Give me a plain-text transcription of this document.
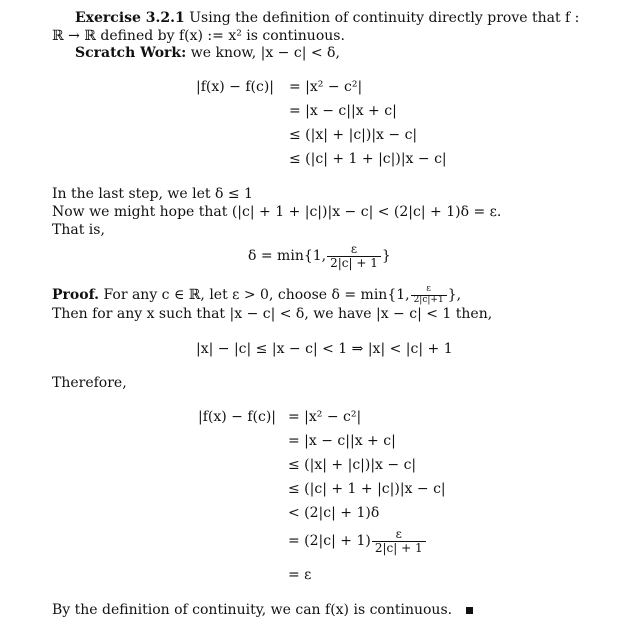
Exercise 3.2.1 Using the definition of continuity directly prove that f :
ℝ → ℝ defined by f(x) := x² is continuous.
Scratch Work: we know, |x − c| < δ,
|f(x) − f(c)| = |x² − c²|
= |x − c||x + c|
≤ (|x| + |c|)|x − c|
≤ (|c| + 1 + |c|)|x − c|
In the last step, we let δ ≤ 1
Now we might hope that (|c| + 1 + |c|)|x − c| < (2|c| + 1)δ = ε.
That is,
δ = min{1, $\frac{\varepsilon}{2|c| + 1}$ }
Proof. For any c ∈ ℝ, let ε > 0, choose δ = min{1, $\frac{\varepsilon}{2|c|+1}$ },
Then for any x such that |x − c| < δ, we have |x − c| < 1 then,
|x| − |c| ≤ |x − c| < 1 ⇒ |x| < |c| + 1
Therefore,
|f(x) − f(c)| = |x² − c²|
= |x − c||x + c|
≤ (|x| + |c|)|x − c|
≤ (|c| + 1 + |c|)|x − c|
< (2|c| + 1)δ
= $(2|c| + 1) \frac{\varepsilon}{2|c| + 1}$
= ε
By the definition of continuity, we can f(x) is continuous.
